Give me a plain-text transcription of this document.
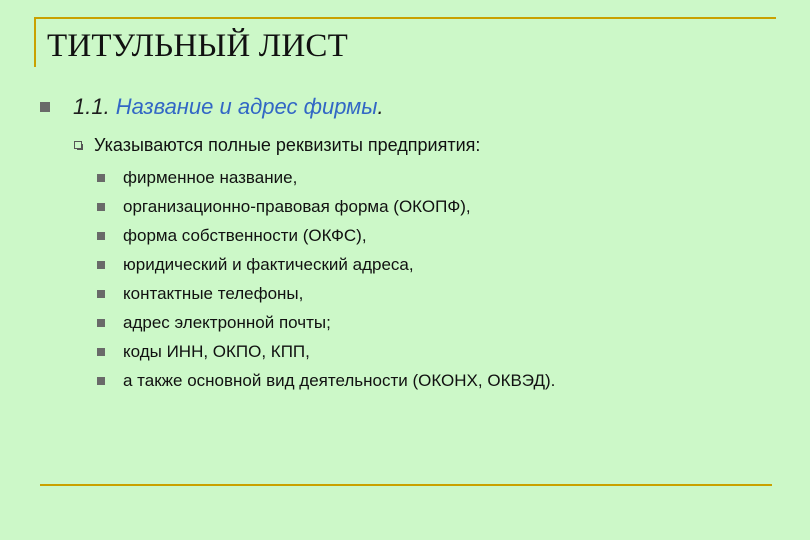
ТИТУЛЬНЫЙ ЛИСТ
1.1. Название и адрес фирмы.
Указываются полные реквизиты предприятия:
фирменное название,
организационно-правовая форма (ОКОПФ),
форма собственности (ОКФС),
юридический и фактический адреса,
контактные телефоны,
адрес электронной почты;
коды ИНН, ОКПО, КПП,
а также основной вид деятельности (ОКОНХ, ОКВЭД).
